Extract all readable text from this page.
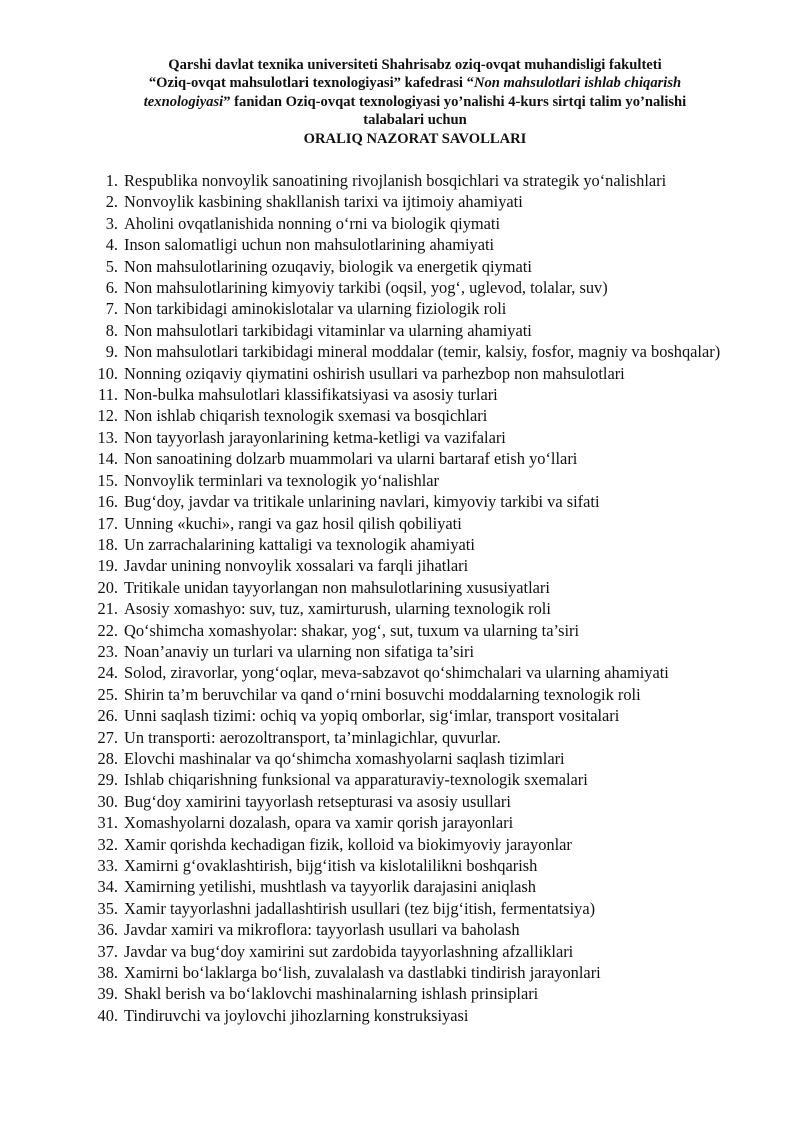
Qarshi davlat texnika universiteti Shahrisabz oziq-ovqat muhandisligi fakulteti
“Oziq-ovqat mahsulotlari texnologiyasi” kafedrasi “Non mahsulotlari ishlab chiqarish
texnologiyasi” fanidan Oziq-ovqat texnologiyasi yo’nalishi 4-kurs sirtqi talim yo’nalishi
talabalari uchun
ORALIQ NAZORAT SAVOLLARI
1. Respublika nonvoylik sanoatining rivojlanish bosqichlari va strategik yo‘nalishlari
2. Nonvoylik kasbining shakllanish tarixi va ijtimoiy ahamiyati
3. Aholini ovqatlanishida nonning o‘rni va biologik qiymati
4. Inson salomatligi uchun non mahsulotlarining ahamiyati
5. Non mahsulotlarining ozuqaviy, biologik va energetik qiymati
6. Non mahsulotlarining kimyoviy tarkibi (oqsil, yog‘, uglevod, tolalar, suv)
7. Non tarkibidagi aminokislotalar va ularning fiziologik roli
8. Non mahsulotlari tarkibidagi vitaminlar va ularning ahamiyati
9. Non mahsulotlari tarkibidagi mineral moddalar (temir, kalsiy, fosfor, magniy va boshqalar)
10. Nonning oziqaviy qiymatini oshirish usullari va parhezbop non mahsulotlari
11. Non-bulka mahsulotlari klassifikatsiyasi va asosiy turlari
12. Non ishlab chiqarish texnologik sxemasi va bosqichlari
13. Non tayyorlash jarayonlarining ketma-ketligi va vazifalari
14. Non sanoatining dolzarb muammolari va ularni bartaraf etish yo‘llari
15. Nonvoylik terminlari va texnologik yo‘nalishlar
16. Bug‘doy, javdar va tritikale unlarining navlari, kimyoviy tarkibi va sifati
17. Unning «kuchi», rangi va gaz hosil qilish qobiliyati
18. Un zarrachalarining kattaligi va texnologik ahamiyati
19. Javdar unining nonvoylik xossalari va farqli jihatlari
20. Tritikale unidan tayyorlangan non mahsulotlarining xususiyatlari
21. Asosiy xomashyo: suv, tuz, xamirturush, ularning texnologik roli
22. Qo‘shimcha xomashyolar: shakar, yog‘, sut, tuxum va ularning ta’siri
23. Noan’anaviy un turlari va ularning non sifatiga ta’siri
24. Solod, ziravorlar, yong‘oqlar, meva-sabzavot qo‘shimchalari va ularning ahamiyati
25. Shirin ta’m beruvchilar va qand o‘rnini bosuvchi moddalarning texnologik roli
26. Unni saqlash tizimi: ochiq va yopiq omborlar, sig‘imlar, transport vositalari
27. Un transporti: aerozoltransport, ta’minlagichlar, quvurlar.
28. Elovchi mashinalar va qo‘shimcha xomashyolarni saqlash tizimlari
29. Ishlab chiqarishning funksional va apparaturaviy-texnologik sxemalari
30. Bug‘doy xamirini tayyorlash retsepturasi va asosiy usullari
31. Xomashyolarni dozalash, opara va xamir qorish jarayonlari
32. Xamir qorishda kechadigan fizik, kolloid va biokimyoviy jarayonlar
33. Xamirni g‘ovaklashtirish, bijg‘itish va kislotalilikni boshqarish
34. Xamirning yetilishi, mushtlash va tayyorlik darajasini aniqlash
35. Xamir tayyorlashni jadallashtirish usullari (tez bijg‘itish, fermentatsiya)
36. Javdar xamiri va mikroflora: tayyorlash usullari va baholash
37. Javdar va bug‘doy xamirini sut zardobida tayyorlashning afzalliklari
38. Xamirni bo‘laklarga bo‘lish, zuvalalash va dastlabki tindirish jarayonlari
39. Shakl berish va bo‘laklovchi mashinalarning ishlash prinsiplari
40. Tindiruvchi va joylovchi jihozlarning konstruksiyasi
